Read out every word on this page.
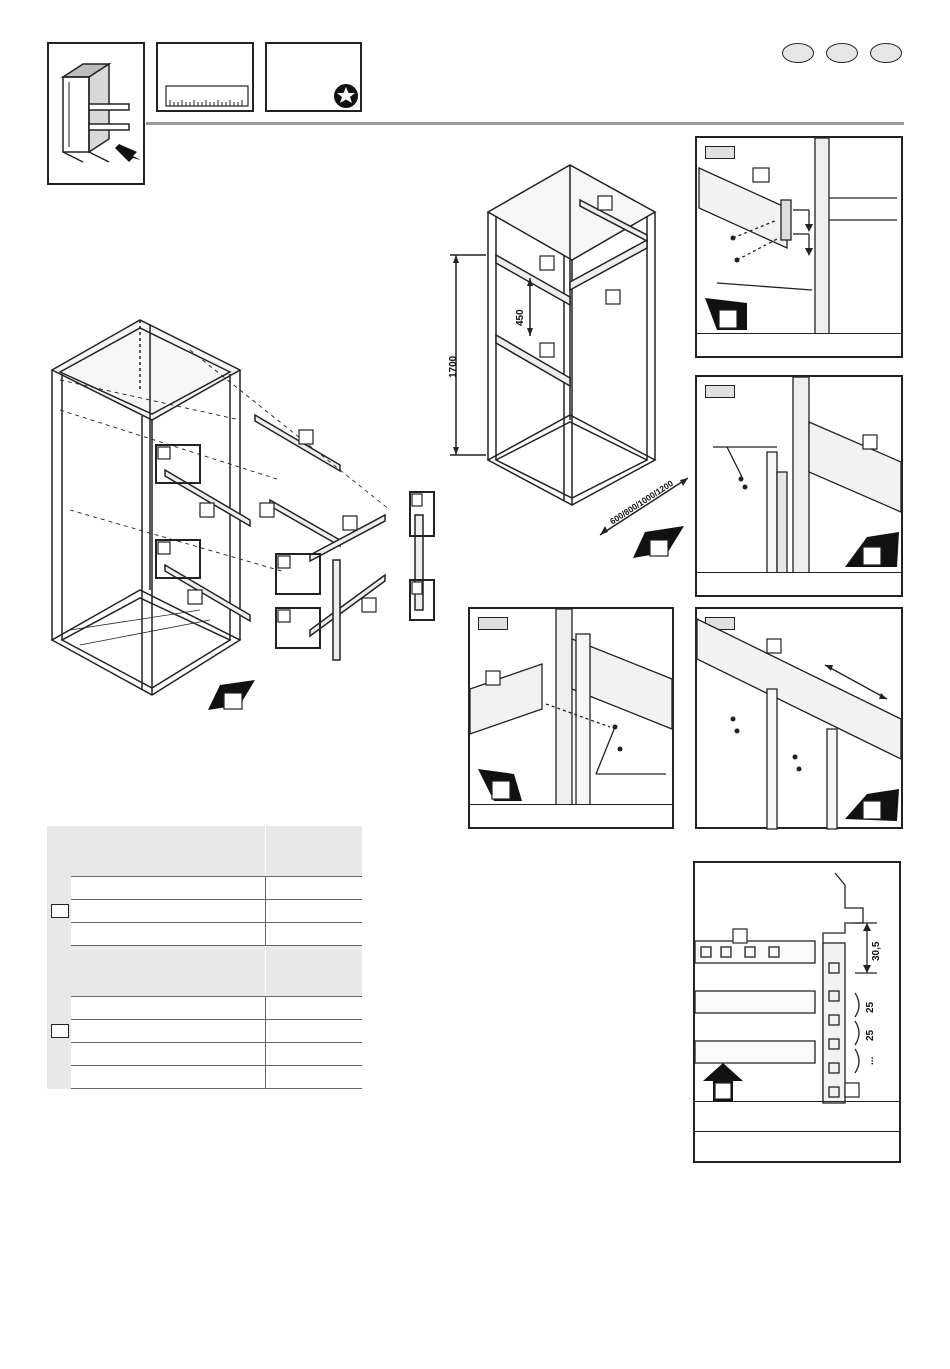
1700
450
600/800/1000/1200
30,5
25
25
...
